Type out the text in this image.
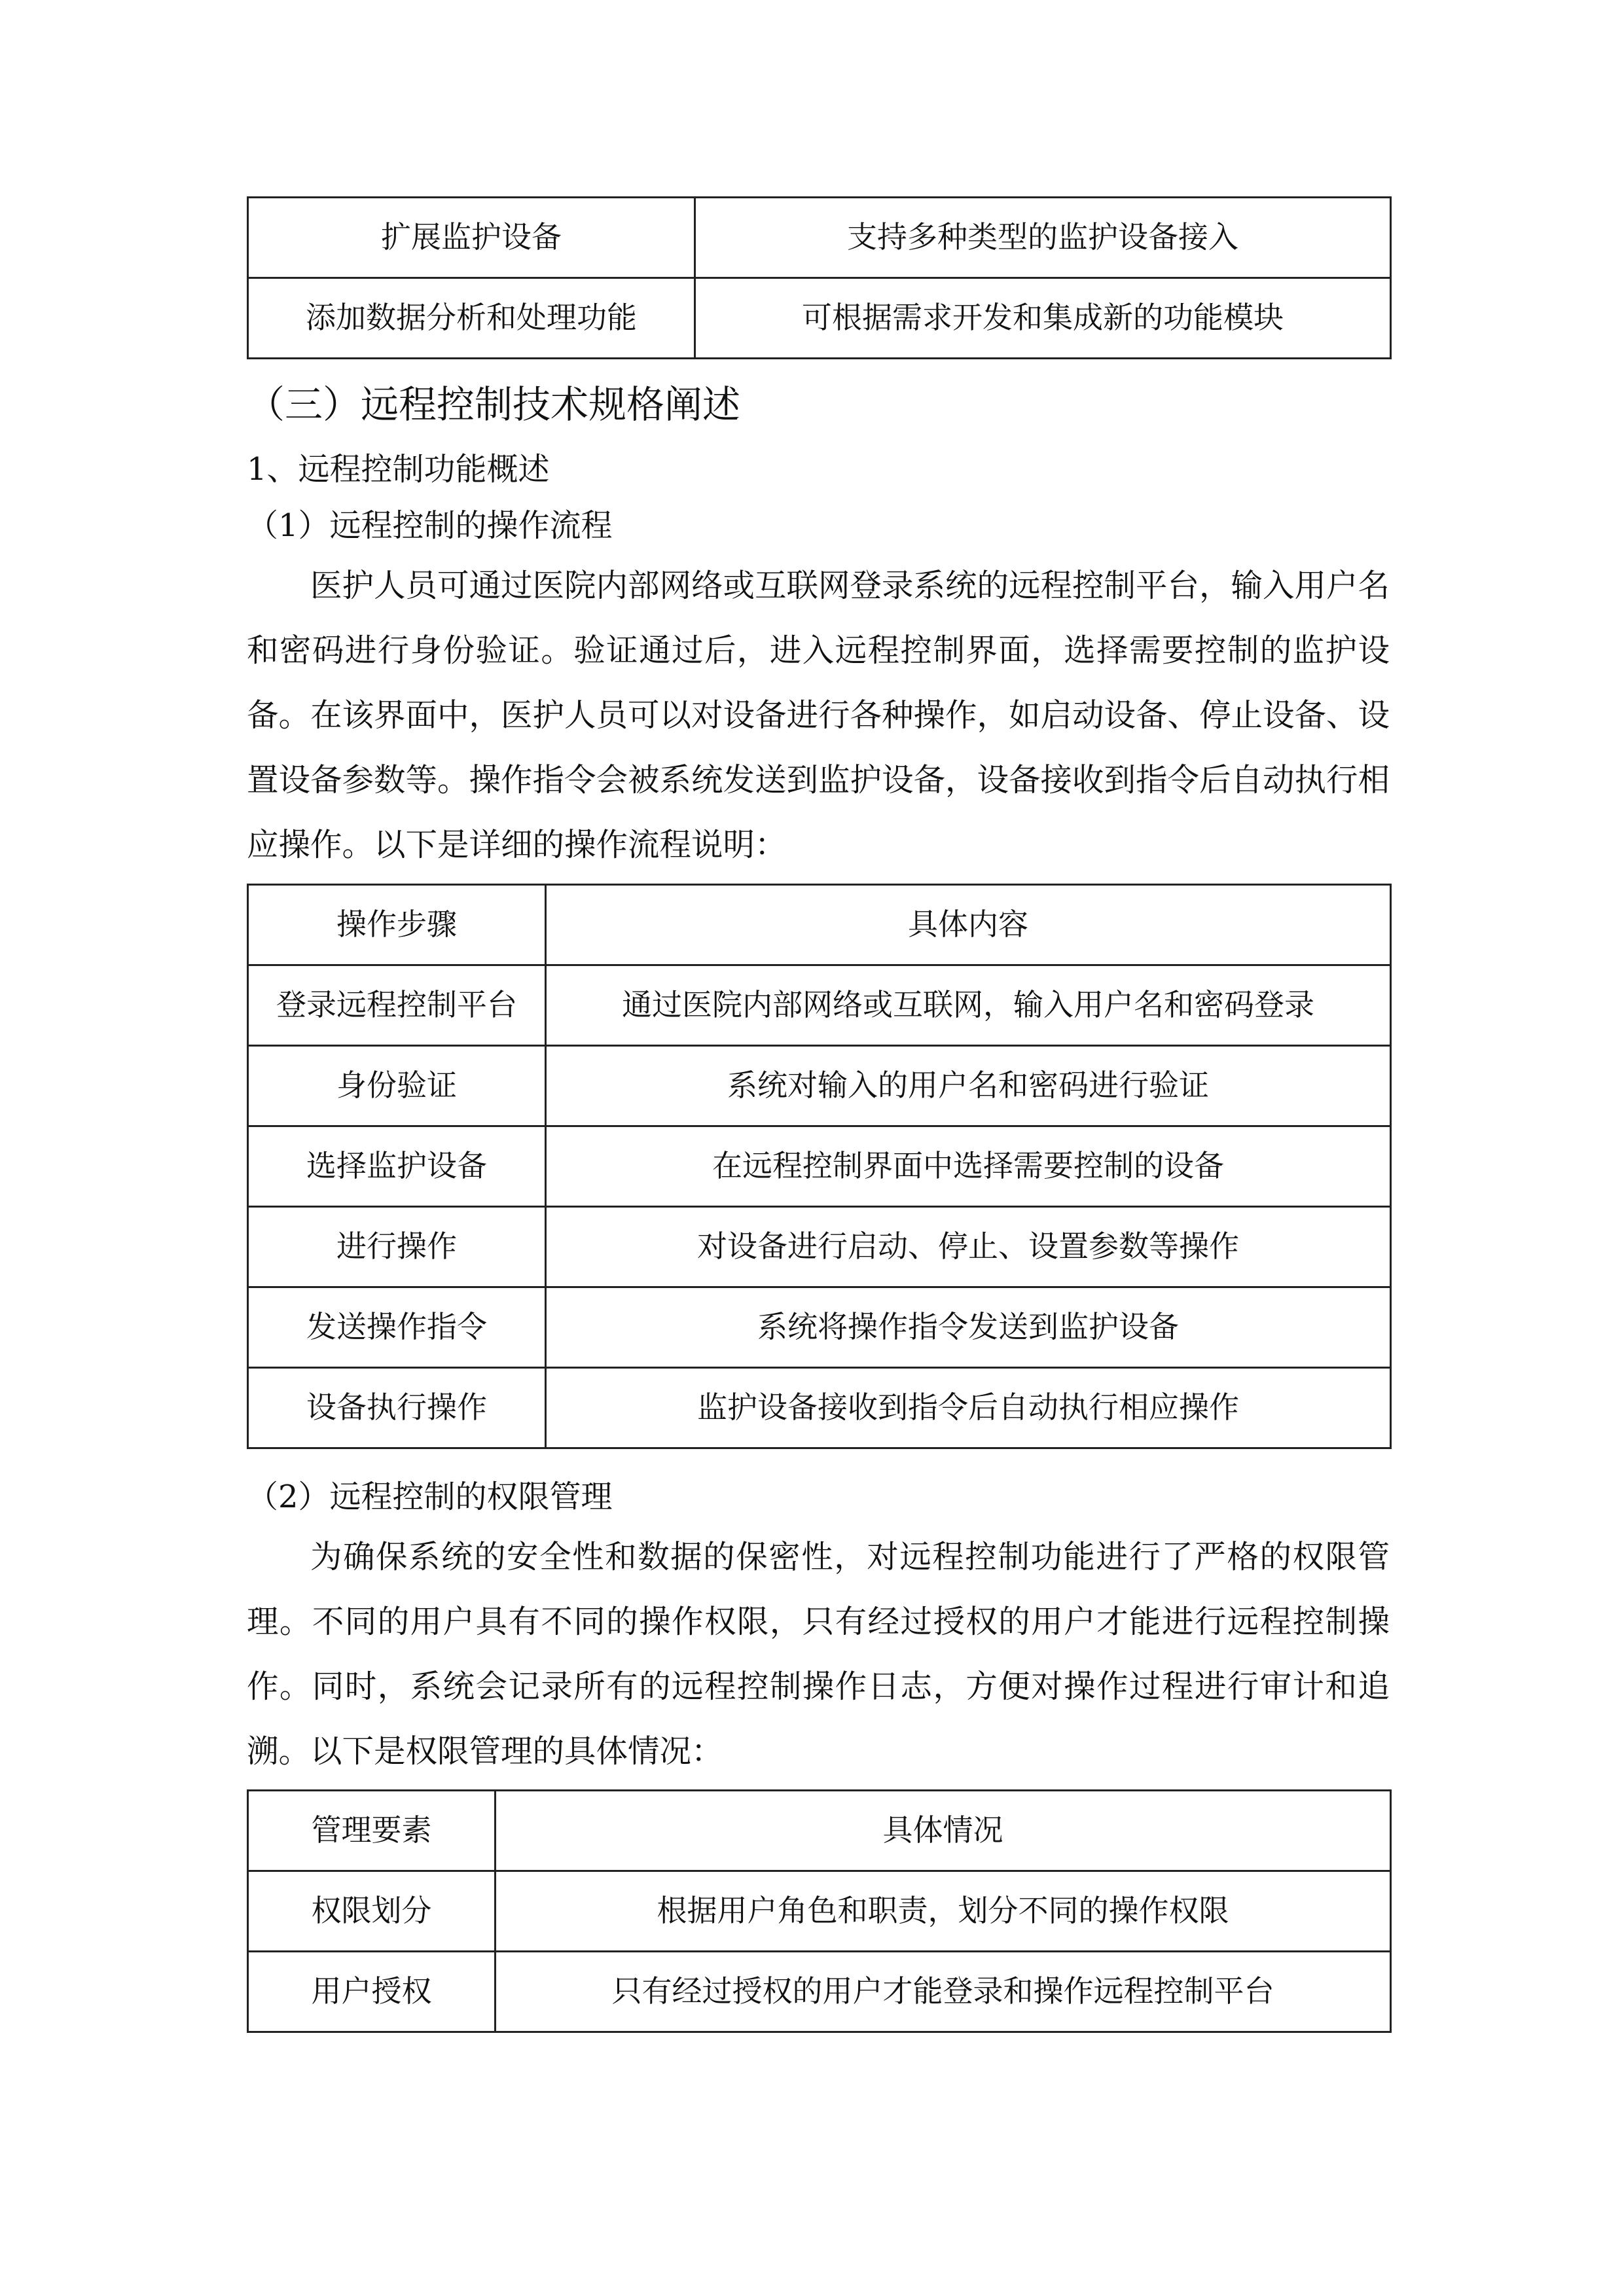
扩展监护设备	支持多种类型的监护设备接入
添加数据分析和处理功能	可根据需求开发和集成新的功能模块
（三）远程控制技术规格阐述
1、远程控制功能概述
（1）远程控制的操作流程

医护人员可通过医院内部网络或互联网登录系统的远程控制平台，输入用户名和密码进行身份验证。验证通过后，进入远程控制界面，选择需要控制的监护设备。在该界面中，医护人员可以对设备进行各种操作，如启动设备、停止设备、设置设备参数等。操作指令会被系统发送到监护设备，设备接收到指令后自动执行相应操作。以下是详细的操作流程说明：

操作步骤	具体内容
登录远程控制平台	通过医院内部网络或互联网，输入用户名和密码登录
身份验证	系统对输入的用户名和密码进行验证
选择监护设备	在远程控制界面中选择需要控制的设备
进行操作	对设备进行启动、停止、设置参数等操作
发送操作指令	系统将操作指令发送到监护设备
设备执行操作	监护设备接收到指令后自动执行相应操作
（2）远程控制的权限管理

为确保系统的安全性和数据的保密性，对远程控制功能进行了严格的权限管理。不同的用户具有不同的操作权限，只有经过授权的用户才能进行远程控制操作。同时，系统会记录所有的远程控制操作日志，方便对操作过程进行审计和追溯。以下是权限管理的具体情况：

管理要素	具体情况
权限划分	根据用户角色和职责，划分不同的操作权限
用户授权	只有经过授权的用户才能登录和操作远程控制平台
